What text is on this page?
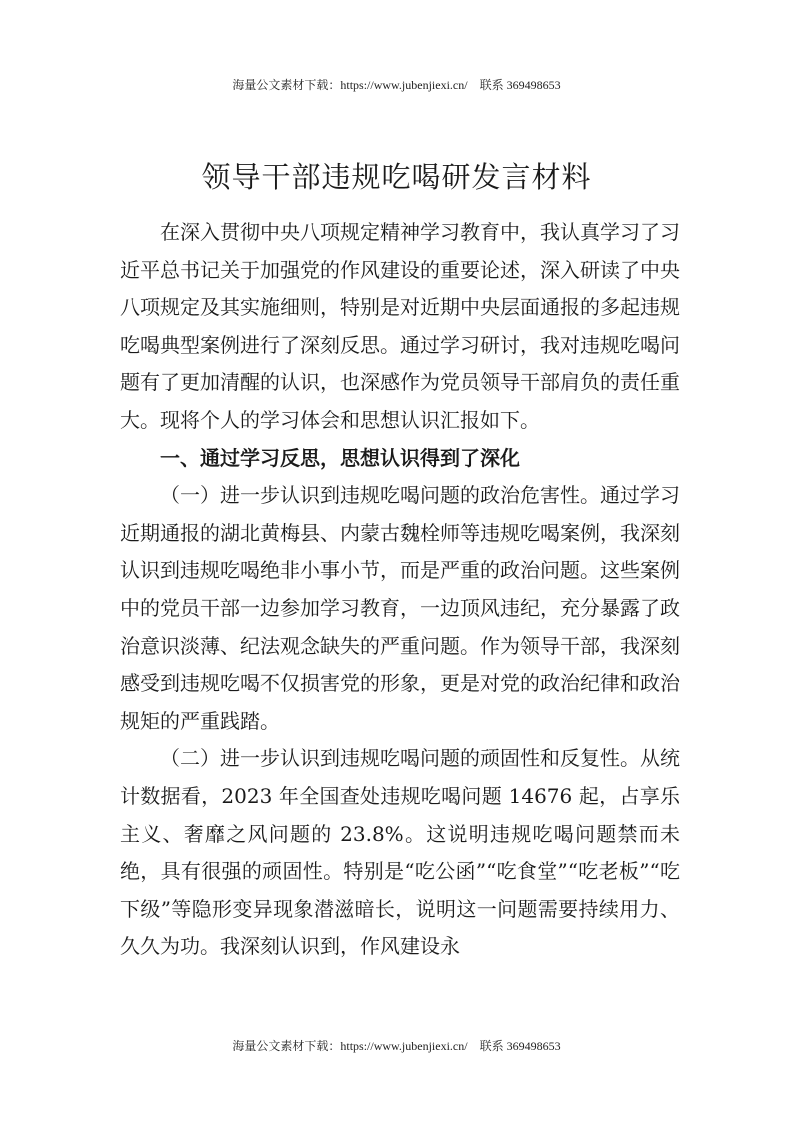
海量公文素材下载：https://www.jubenjiexi.cn/ 联系 369498653
领导干部违规吃喝研发言材料

在深入贯彻中央八项规定精神学习教育中，我认真学习了习近平总书记关于加强党的作风建设的重要论述，深入研读了中央八项规定及其实施细则，特别是对近期中央层面通报的多起违规吃喝典型案例进行了深刻反思。通过学习研讨，我对违规吃喝问题有了更加清醒的认识，也深感作为党员领导干部肩负的责任重大。现将个人的学习体会和思想认识汇报如下。

一、通过学习反思，思想认识得到了深化

（一）进一步认识到违规吃喝问题的政治危害性。通过学习近期通报的湖北黄梅县、内蒙古魏栓师等违规吃喝案例，我深刻认识到违规吃喝绝非小事小节，而是严重的政治问题。这些案例中的党员干部一边参加学习教育，一边顶风违纪，充分暴露了政治意识淡薄、纪法观念缺失的严重问题。作为领导干部，我深刻感受到违规吃喝不仅损害党的形象，更是对党的政治纪律和政治规矩的严重践踏。

（二）进一步认识到违规吃喝问题的顽固性和反复性。从统计数据看，2023 年全国查处违规吃喝问题 14676 起，占享乐主义、奢靡之风问题的 23.8%。这说明违规吃喝问题禁而未绝，具有很强的顽固性。特别是“吃公函”“吃食堂”“吃老板”“吃下级”等隐形变异现象潜滋暗长，说明这一问题需要持续用力、久久为功。我深刻认识到，作风建设永

海量公文素材下载：https://www.jubenjiexi.cn/ 联系 369498653
